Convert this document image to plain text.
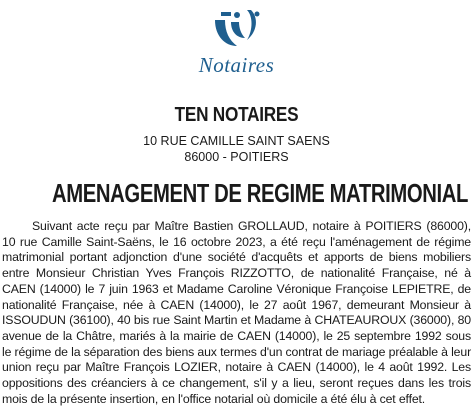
Notaires
TEN NOTAIRES
10 RUE CAMILLE SAINT SAENS
86000 - POITIERS
AMENAGEMENT DE REGIME MATRIMONIAL

Suivant acte reçu par Maître Bastien GROLLAUD, notaire à POITIERS (86000), 10 rue Camille Saint-Saëns, le 16 octobre 2023, a été reçu l'aménagement de régime matrimonial portant adjonction d'une société d'acquêts et apports de biens mobiliers entre Monsieur Christian Yves François RIZZOTTO, de nationalité Française, né à CAEN (14000) le 7 juin 1963 et Madame Caroline Véronique Françoise LEPIETRE, de nationalité Française, née à CAEN (14000), le 27 août 1967, demeurant Monsieur à ISSOUDUN (36100), 40 bis rue Saint Martin et Madame à CHATEAUROUX (36000), 80 avenue de la Châtre, mariés à la mairie de CAEN (14000), le 25 septembre 1992 sous le régime de la séparation des biens aux termes d'un contrat de mariage préalable à leur union reçu par Maître François LOZIER, notaire à CAEN (14000), le 4 août 1992. Les oppositions des créanciers à ce changement, s'il y a lieu, seront reçues dans les trois mois de la présente insertion, en l'office notarial où domicile a été élu à cet effet.
